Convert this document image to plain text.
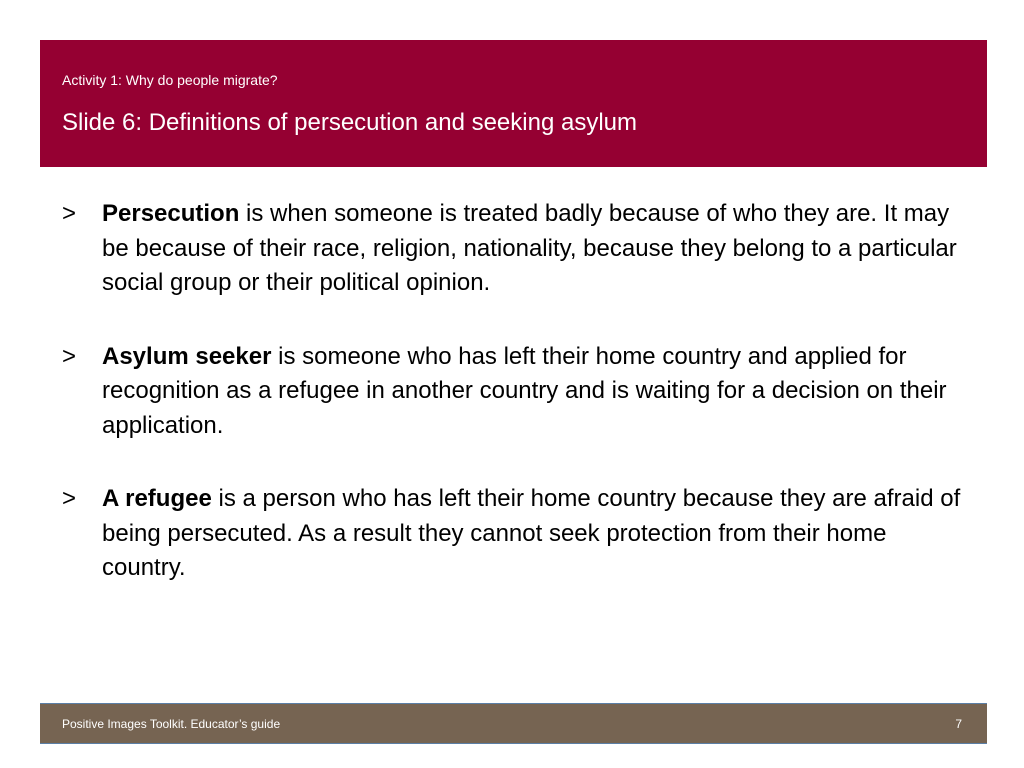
Activity 1: Why do people migrate?
Slide 6: Definitions of persecution and seeking asylum
> Persecution is when someone is treated badly because of who they are. It may be because of their race, religion, nationality, because they belong to a particular social group or their political opinion.
> Asylum seeker is someone who has left their home country and applied for recognition as a refugee in another country and is waiting for a decision on their application.
> A refugee is a person who has left their home country because they are afraid of being persecuted. As a result they cannot seek protection from their home country.
Positive Images Toolkit. Educator’s guide	7
